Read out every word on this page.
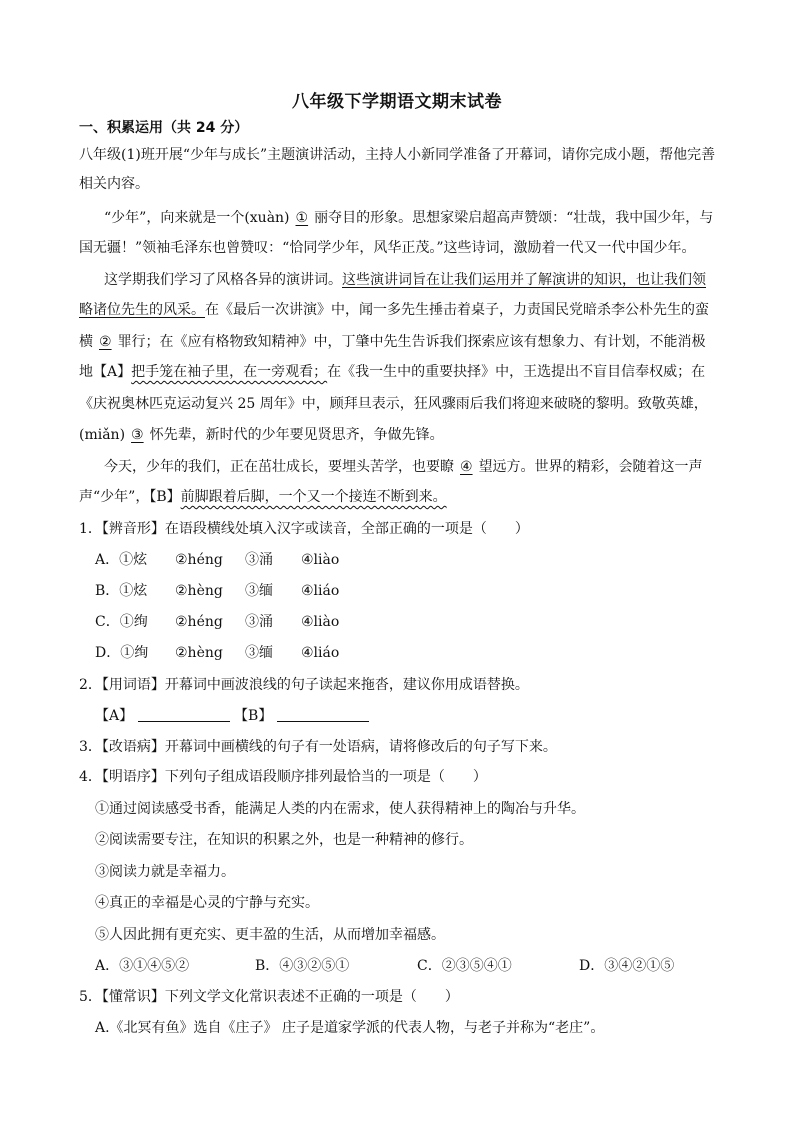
八年级下学期语文期末试卷
一、积累运用（共 24 分）
八年级(1)班开展“少年与成长”主题演讲活动，主持人小新同学准备了开幕词，请你完成小题，帮他完善
相关内容。
“少年”，向来就是一个(xuàn) ① 丽夺目的形象。思想家梁启超高声赞颂：“壮哉，我中国少年，与
国无疆！”领袖毛泽东也曾赞叹：“恰同学少年，风华正茂。”这些诗词，激励着一代又一代中国少年。
这学期我们学习了风格各异的演讲词。这些演讲词旨在让我们运用并了解演讲的知识，也让我们领
略诸位先生的风采。在《最后一次讲演》中，闻一多先生捶击着桌子，力责国民党暗杀李公朴先生的蛮
横 ② 罪行；在《应有格物致知精神》中，丁肇中先生告诉我们探索应该有想象力、有计划，不能消极
地【A】把手笼在袖子里，在一旁观看；在《我一生中的重要抉择》中，王选提出不盲目信奉权威；在
《庆祝奥林匹克运动复兴 25 周年》中，顾拜旦表示，狂风骤雨后我们将迎来破晓的黎明。致敬英雄，
(miǎn) ③ 怀先辈，新时代的少年要见贤思齐，争做先锋。
今天，少年的我们，正在茁壮成长，要埋头苦学，也要瞭 ④ 望远方。世界的精彩，会随着这一声
声“少年”，【B】前脚跟着后脚，一个又一个接连不断到来。
1．【辨音形】在语段横线处填入汉字或读音，全部正确的一项是（　　）
A．①炫 ②héng ③涌 ④liào
B．①炫 ②hèng ③缅 ④liáo
C．①绚 ②héng ③涌 ④liào
D．①绚 ②hèng ③缅 ④liáo
2．【用词语】开幕词中画波浪线的句子读起来拖沓，建议你用成语替换。
【A】	【B】
3．【改语病】开幕词中画横线的句子有一处语病，请将修改后的句子写下来。
4．【明语序】下列句子组成语段顺序排列最恰当的一项是（　　）
①通过阅读感受书香，能满足人类的内在需求，使人获得精神上的陶冶与升华。
②阅读需要专注，在知识的积累之外，也是一种精神的修行。
③阅读力就是幸福力。
④真正的幸福是心灵的宁静与充实。
⑤人因此拥有更充实、更丰盈的生活，从而增加幸福感。
A．③①④⑤②	B．④③②⑤①	C．②③⑤④①	D．③④②①⑤
5．【懂常识】下列文学文化常识表述不正确的一项是（　　）
A.《北冥有鱼》选自《庄子》 庄子是道家学派的代表人物，与老子并称为“老庄”。
